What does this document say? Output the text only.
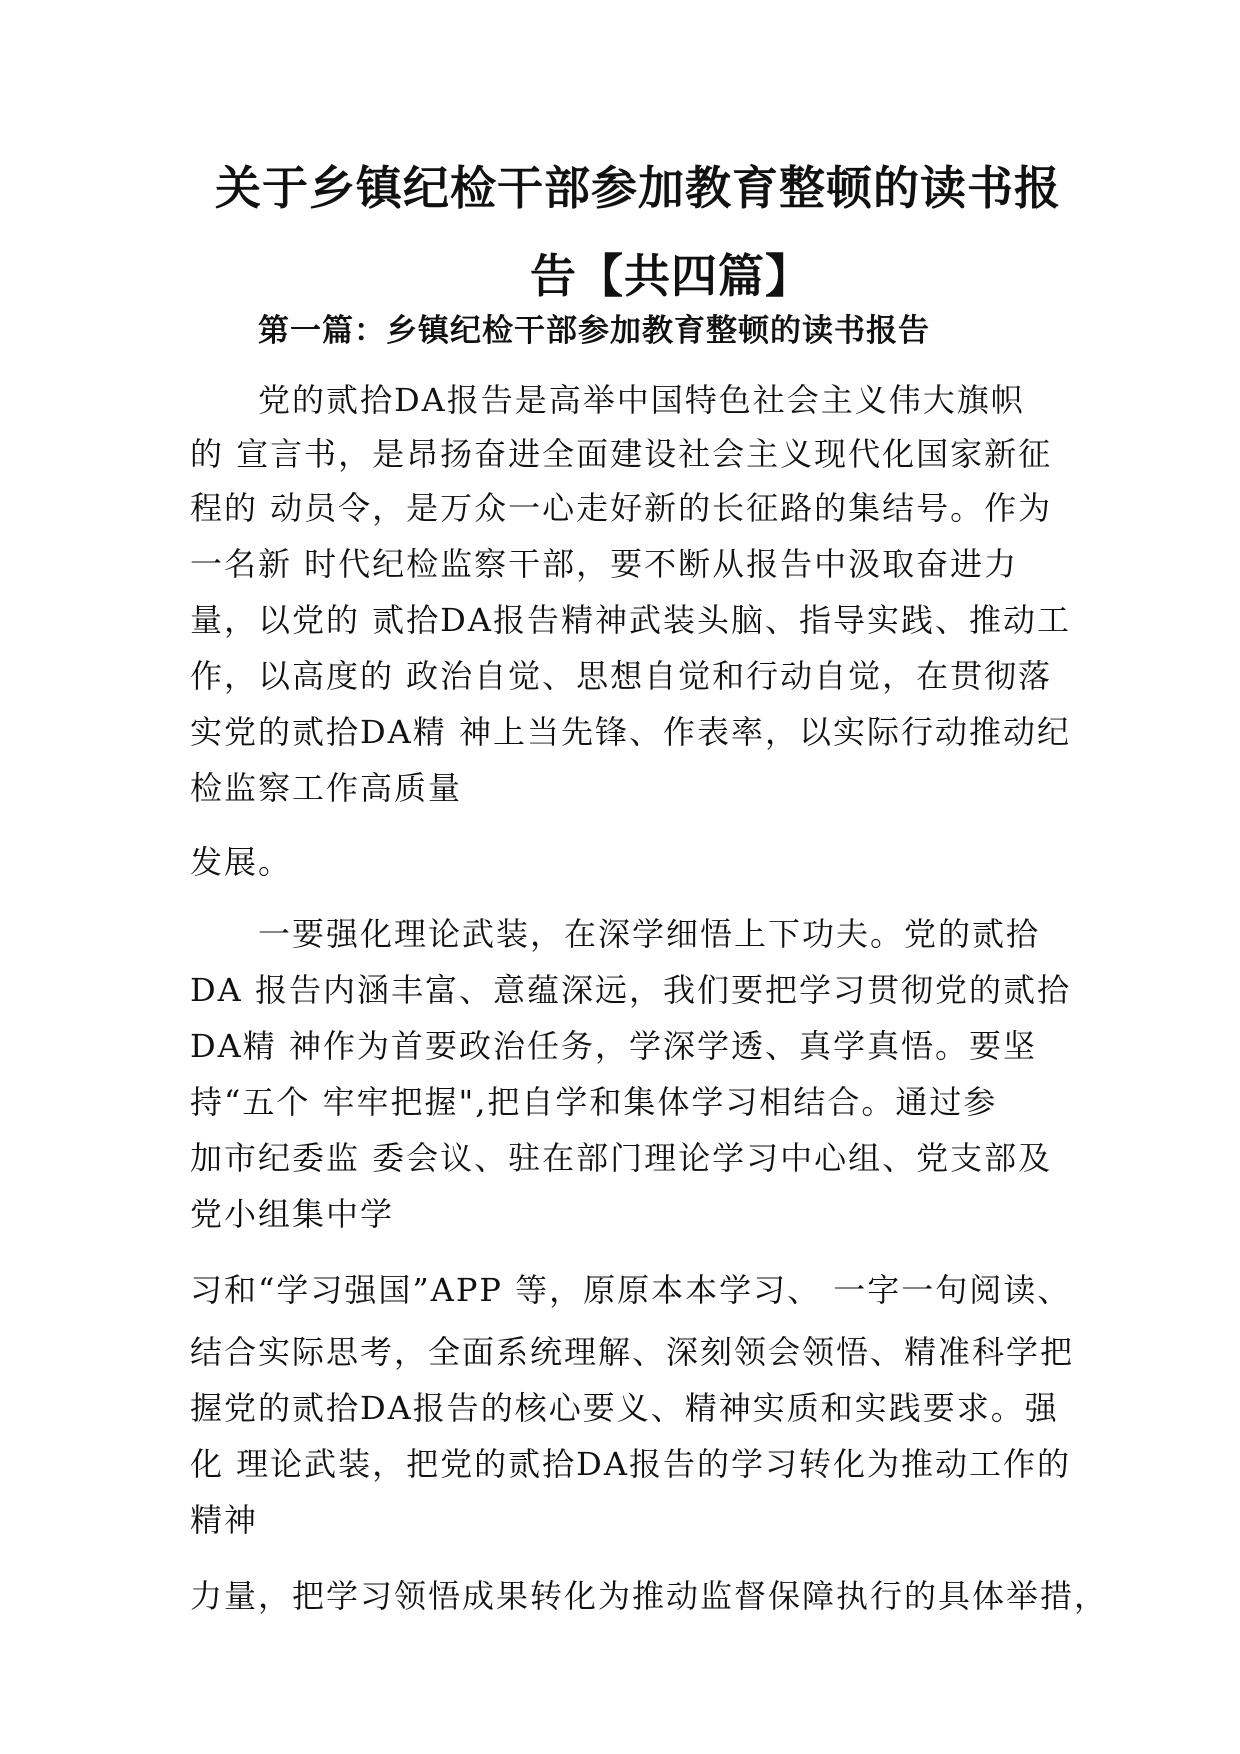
关于乡镇纪检干部参加教育整顿的读书报
告【共四篇】
第一篇：乡镇纪检干部参加教育整顿的读书报告

党的贰拾DA报告是高举中国特色社会主义伟大旗帜

的 宣言书，是昂扬奋进全面建设社会主义现代化国家新征

程的 动员令，是万众一心走好新的长征路的集结号。作为

一名新 时代纪检监察干部，要不断从报告中汲取奋进力

量，以党的 贰拾DA报告精神武装头脑、指导实践、推动工

作，以高度的 政治自觉、思想自觉和行动自觉，在贯彻落

实党的贰拾DA精 神上当先锋、作表率，以实际行动推动纪

检监察工作高质量

发展。

一要强化理论武装，在深学细悟上下功夫。党的贰拾

DA 报告内涵丰富、意蕴深远，我们要把学习贯彻党的贰拾

DA精 神作为首要政治任务，学深学透、真学真悟。要坚

持“五个 牢牢把握",把自学和集体学习相结合。通过参

加市纪委监 委会议、驻在部门理论学习中心组、党支部及

党小组集中学

习和“学习强国”APP 等，原原本本学习、 一字一句阅读、

结合实际思考，全面系统理解、深刻领会领悟、精准科学把

握党的贰拾DA报告的核心要义、精神实质和实践要求。强

化 理论武装，把党的贰拾DA报告的学习转化为推动工作的

精神

力量，把学习领悟成果转化为推动监督保障执行的具体举措，
